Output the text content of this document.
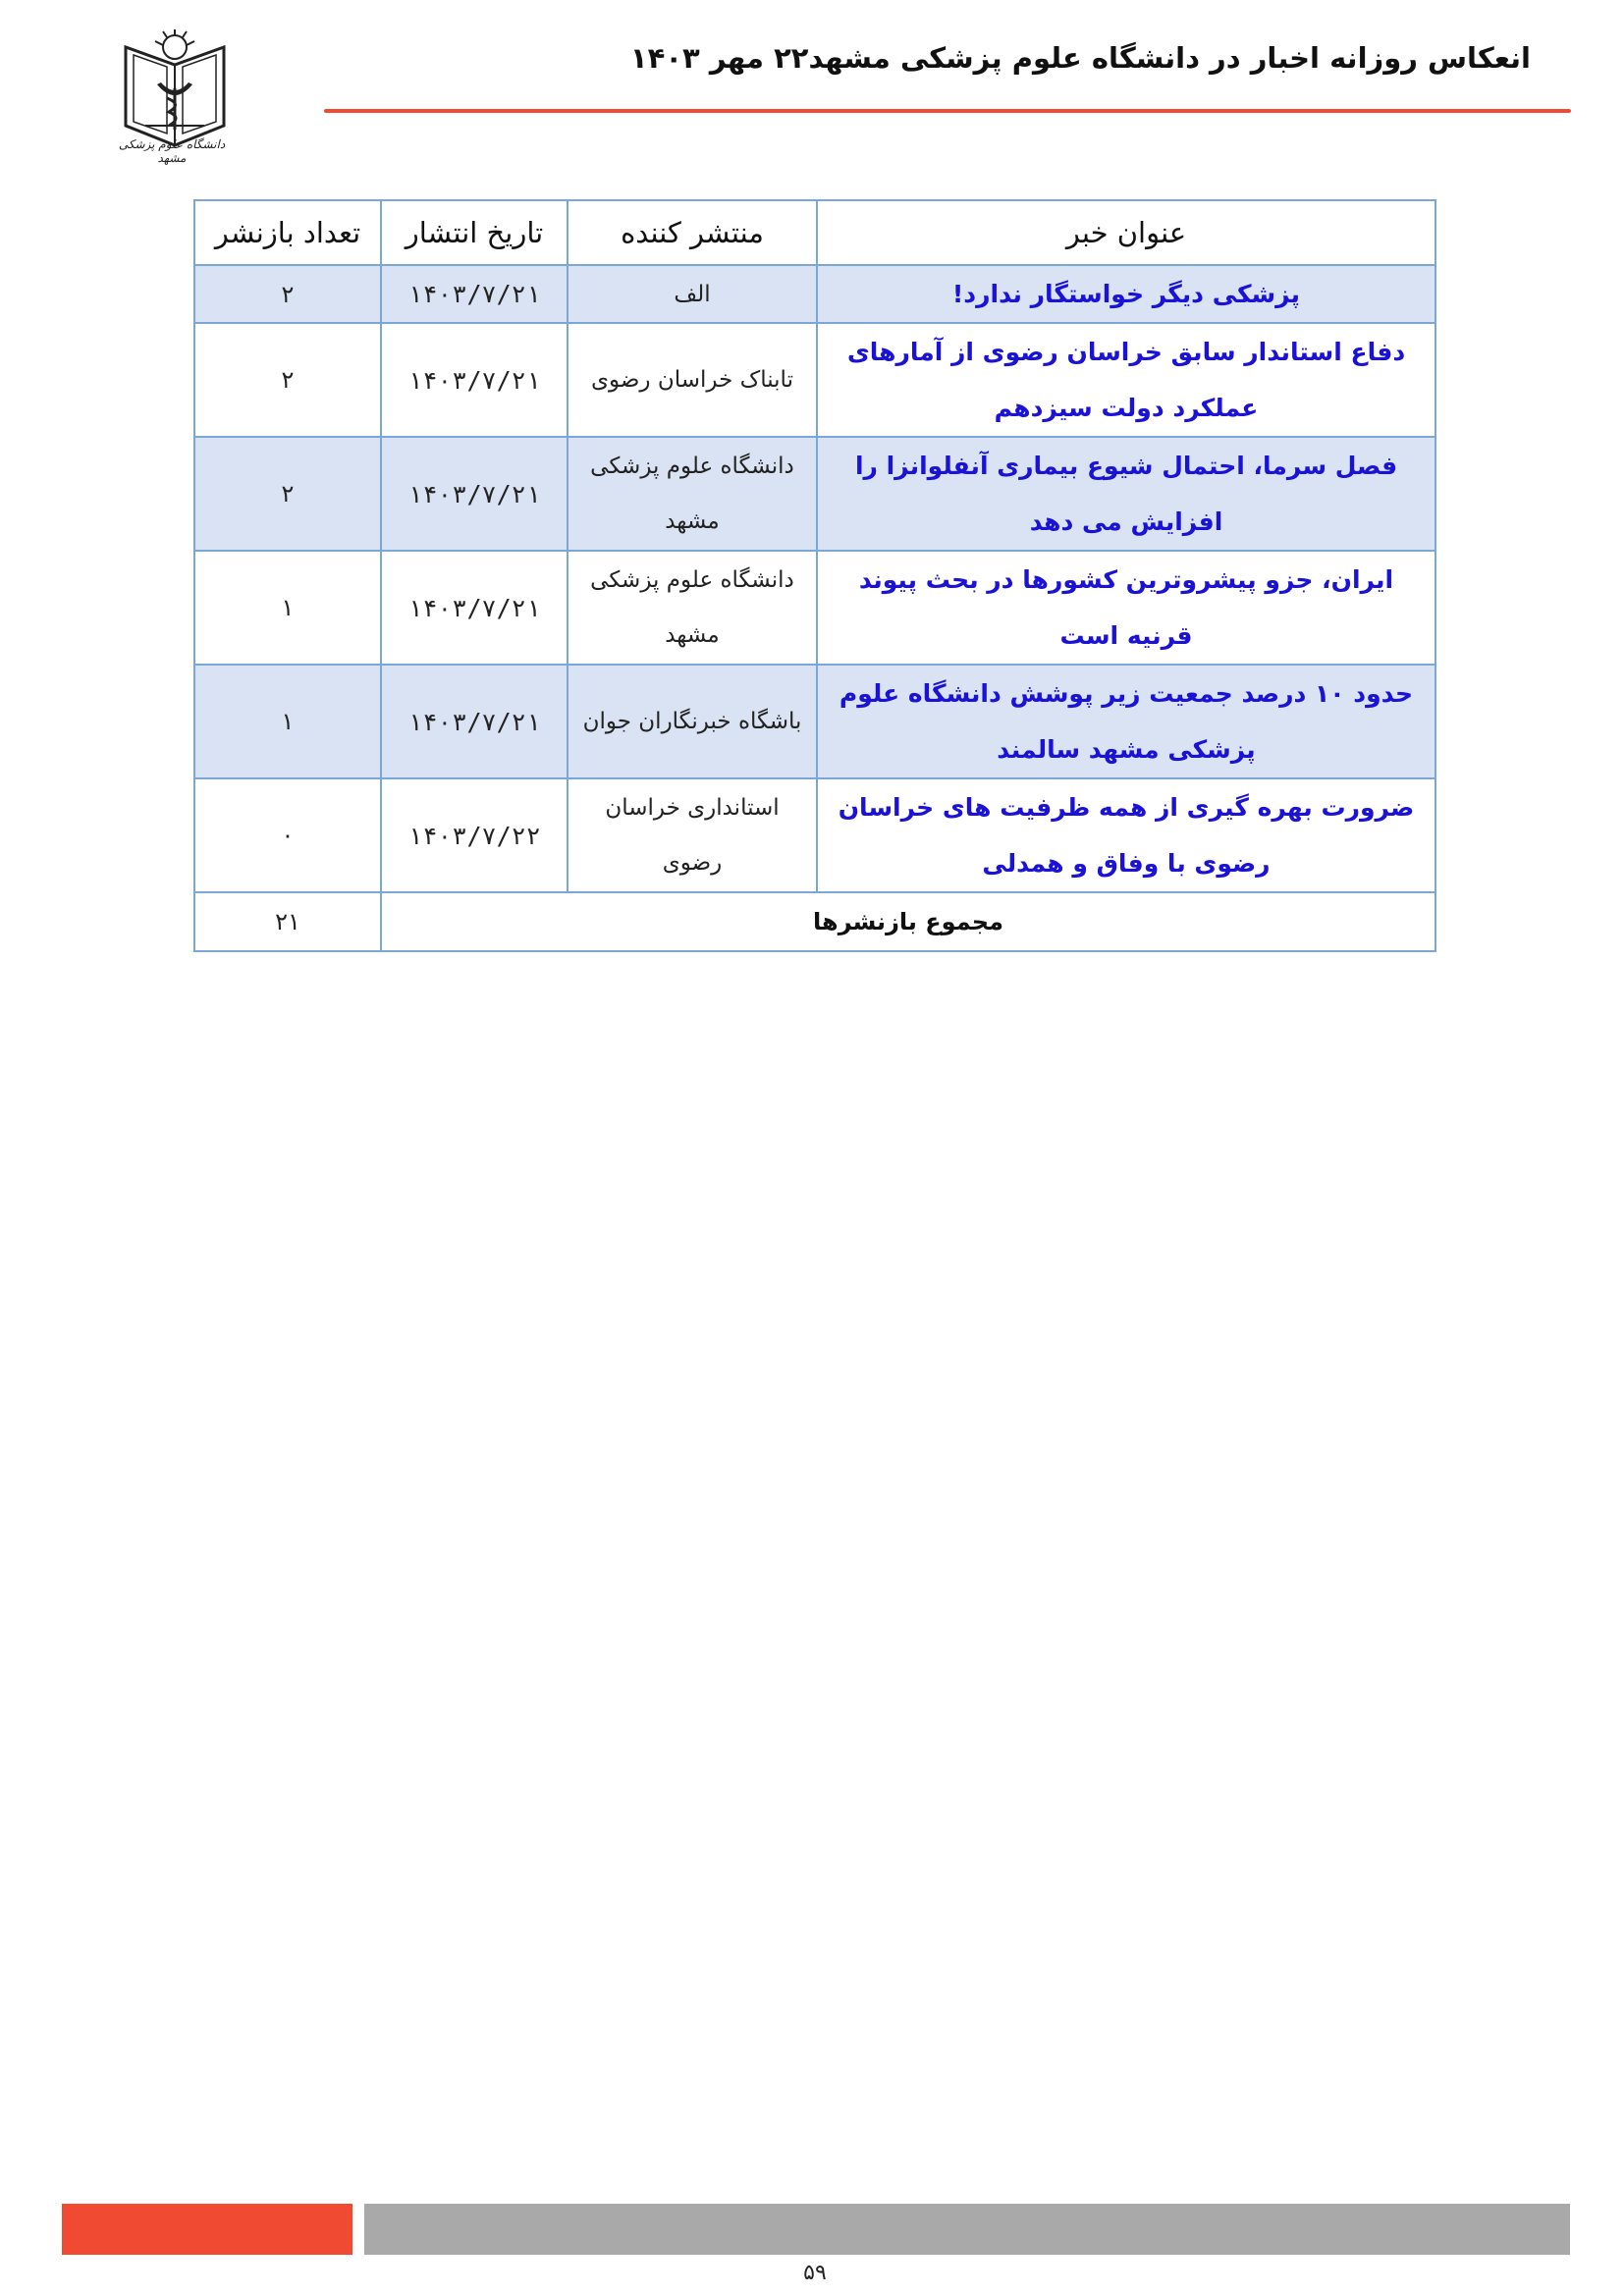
دانشگاه علوم پزشکی مشهد
انعکاس روزانه اخبار در دانشگاه علوم پزشکی مشهد۲۲ مهر ۱۴۰۳
عنوان خبر	منتشر کننده	تاریخ انتشار	تعداد بازنشر
پزشکی دیگر خواستگار ندارد!	الف	۱۴۰۳/۷/۲۱	۲
دفاع استاندار سابق خراسان رضوی از آمارهای عملکرد دولت سیزدهم	تابناک خراسان رضوی	۱۴۰۳/۷/۲۱	۲
فصل سرما، احتمال شیوع بیماری آنفلوانزا را افزایش می دهد	دانشگاه علوم پزشکی مشهد	۱۴۰۳/۷/۲۱	۲
ایران، جزو پیشروترین کشورها در بحث پیوند قرنیه است	دانشگاه علوم پزشکی مشهد	۱۴۰۳/۷/۲۱	۱
حدود ۱۰ درصد جمعیت زیر پوشش دانشگاه علوم پزشکی مشهد سالمند	باشگاه خبرنگاران جوان	۱۴۰۳/۷/۲۱	۱
ضرورت بهره گیری از همه ظرفیت های خراسان رضوی با وفاق و همدلی	استانداری خراسان رضوی	۱۴۰۳/۷/۲۲	۰
مجموع بازنشرها			۲۱
۵۹
